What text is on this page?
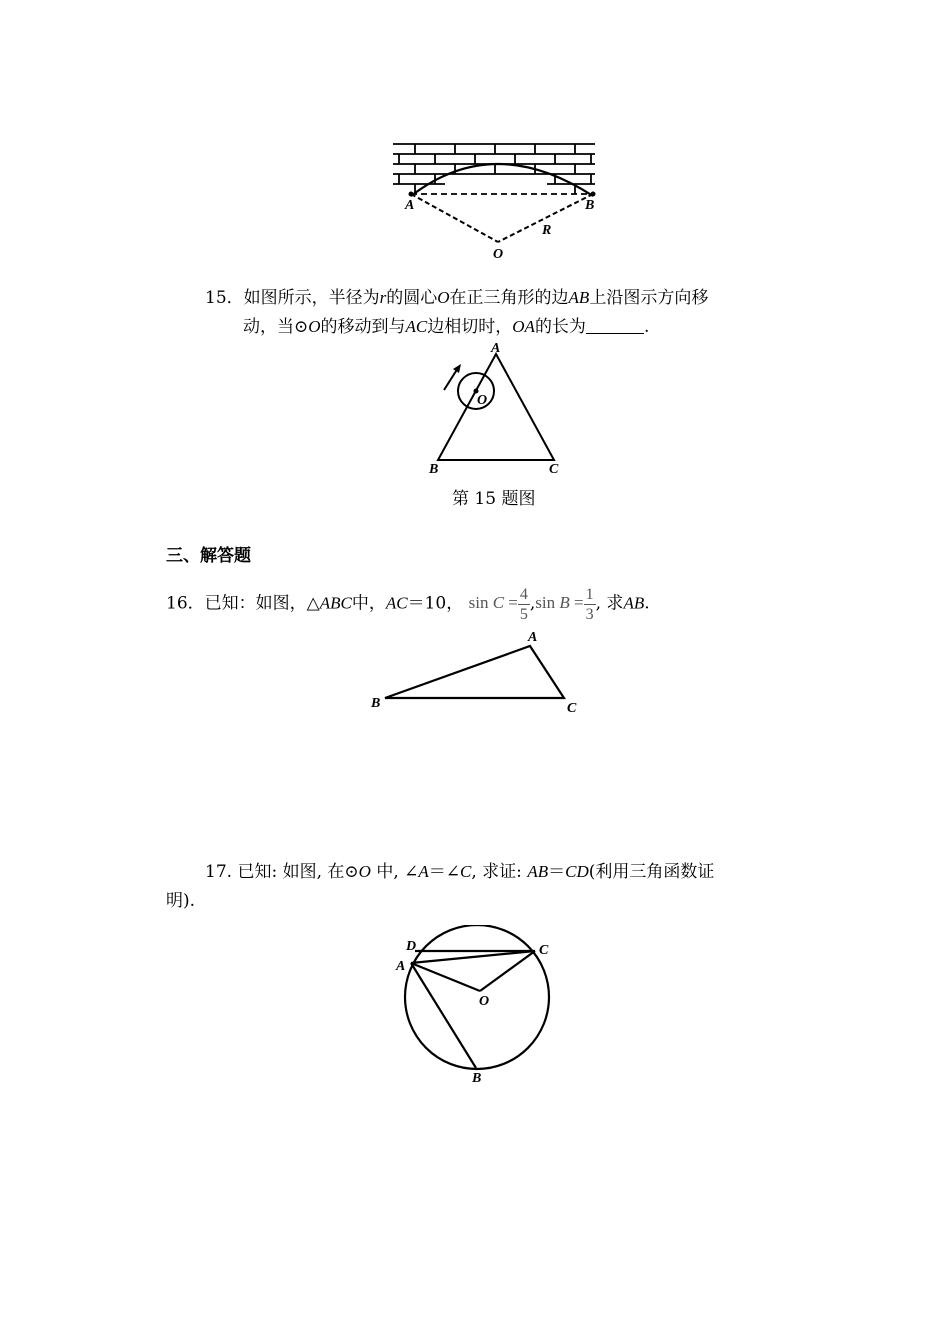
A	B
O
R
15．如图所示，半径为r的圆心O在正三角形的边AB上沿图示方向移
动，当⊙O的移动到与AC边相切时，OA的长为	.
A
B	C
O
第 15 题图
三、解答题
16．已知：如图，△ABC中，AC＝10， $\sin C = \frac{4}{5} ,\sin$ $B = \frac{1}{3}$ , 求AB.
A
B	C
17. 已知: 如图, 在⊙O 中, ∠A＝∠C, 求证: AB＝CD(利用三角函数证
明).
D
A
C
O
B
